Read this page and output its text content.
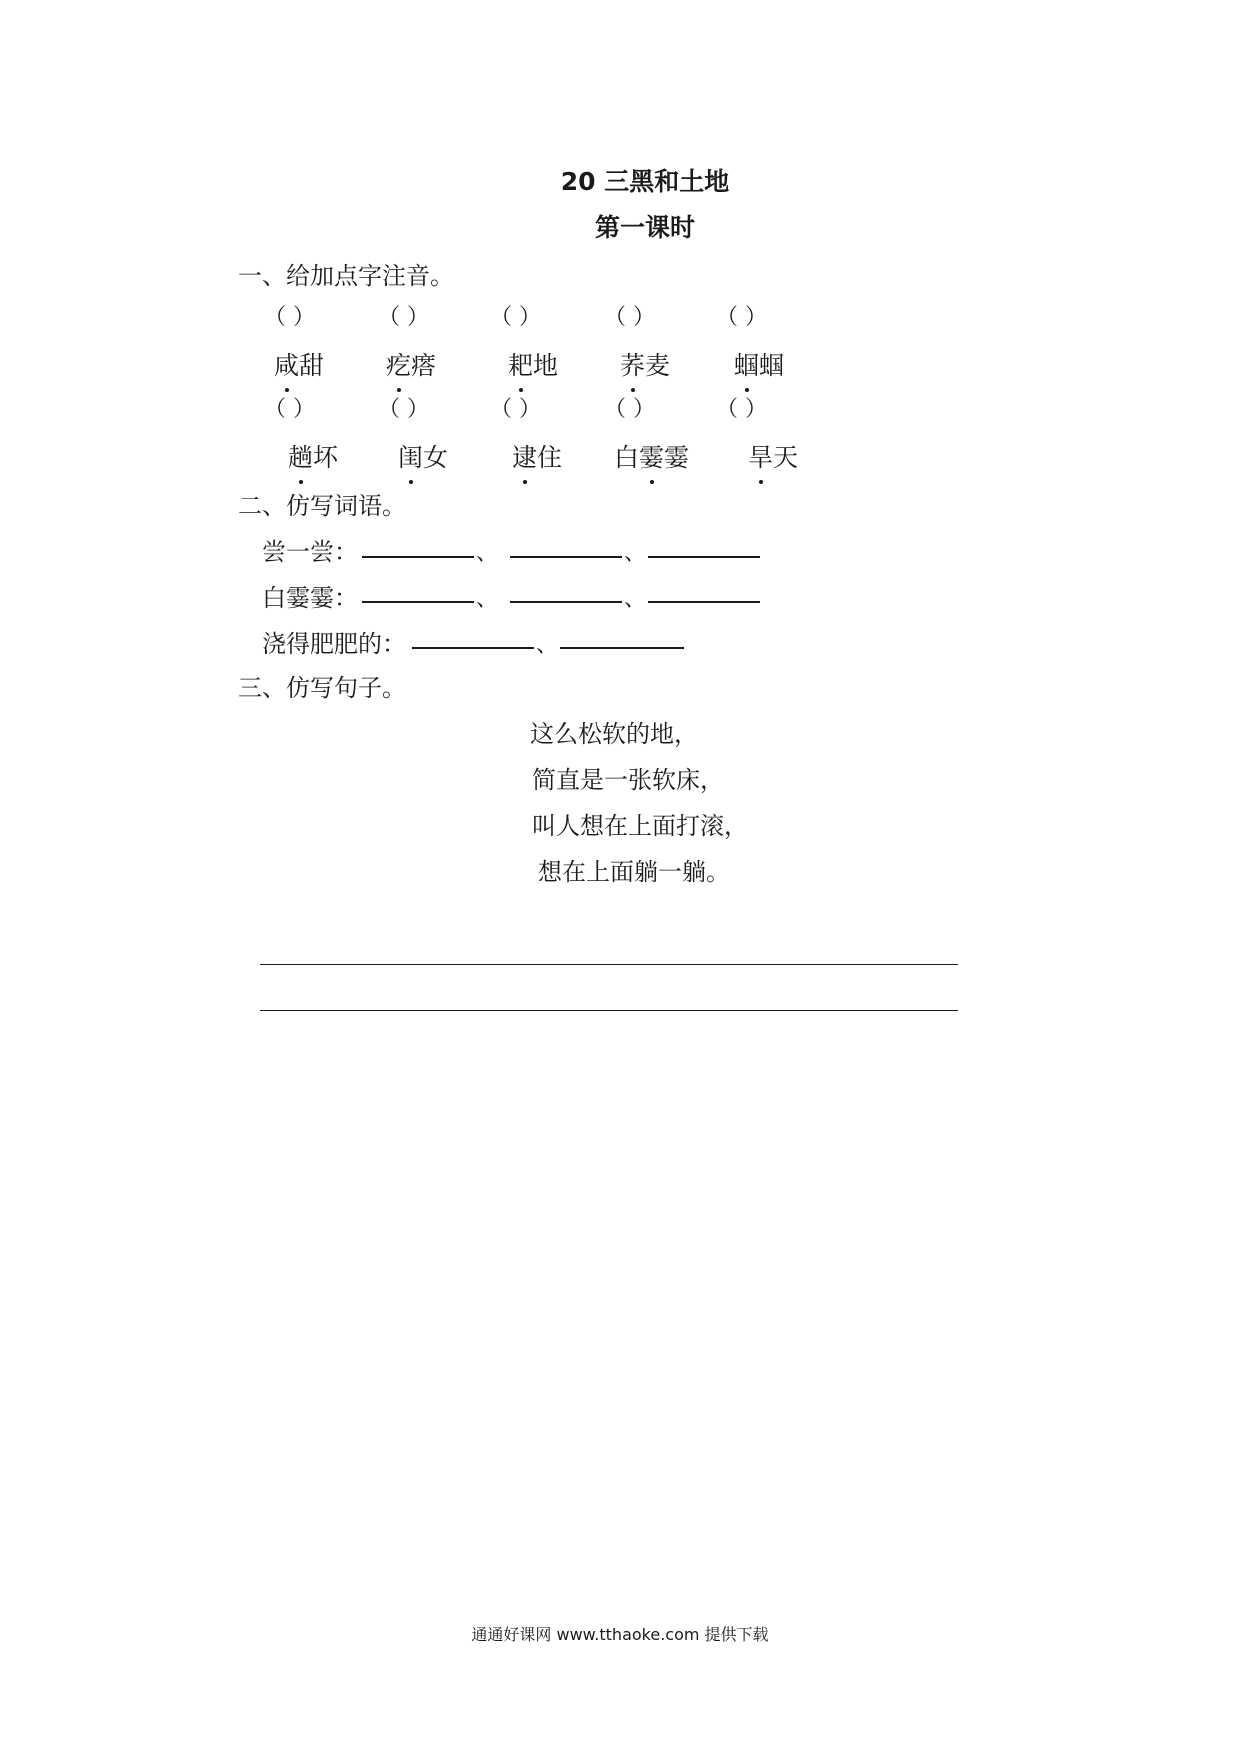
20 三黑和土地
第一课时
一、给加点字注音。
（ ）	（ ）	（ ）	（ ）	（ ）
咸甜 疙瘩	耙地 荞麦	蝈蝈
（ ）	（ ）	（ ）	（ ）	（ ）
趟坏 闺女	逮住 白霎霎 旱天
二、仿写词语。
尝一尝：	、	、
白霎霎：	、	、
浇得肥肥的：	、
三、仿写句子。
这么松软的地，
简直是一张软床，
叫人想在上面打滚，
想在上面躺一躺。
通通好课网 www.tthaoke.com 提供下载
